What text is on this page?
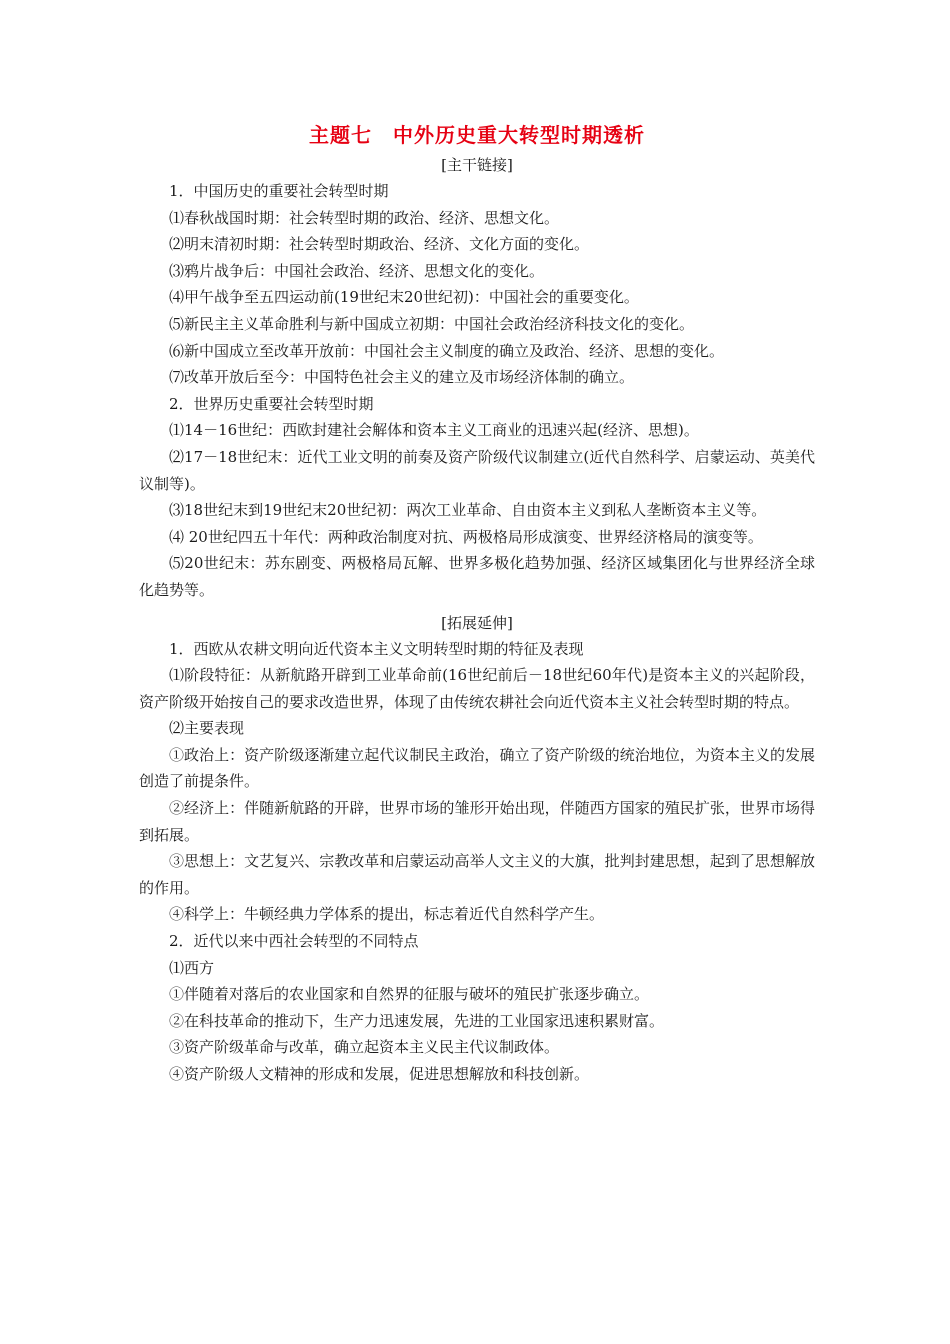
主题七　中外历史重大转型时期透析
[主干链接]

1．中国历史的重要社会转型时期

⑴春秋战国时期：社会转型时期的政治、经济、思想文化。

⑵明末清初时期：社会转型时期政治、经济、文化方面的变化。

⑶鸦片战争后：中国社会政治、经济、思想文化的变化。

⑷甲午战争至五四运动前(19世纪末20世纪初)：中国社会的重要变化。

⑸新民主主义革命胜利与新中国成立初期：中国社会政治经济科技文化的变化。

⑹新中国成立至改革开放前：中国社会主义制度的确立及政治、经济、思想的变化。

⑺改革开放后至今：中国特色社会主义的建立及市场经济体制的确立。

2．世界历史重要社会转型时期

⑴14－16世纪：西欧封建社会解体和资本主义工商业的迅速兴起(经济、思想)。

⑵17－18世纪末：近代工业文明的前奏及资产阶级代议制建立(近代自然科学、启蒙运动、英美代议制等)。

⑶18世纪末到19世纪末20世纪初：两次工业革命、自由资本主义到私人垄断资本主义等。

⑷ 20世纪四五十年代：两种政治制度对抗、两极格局形成演变、世界经济格局的演变等。

⑸20世纪末：苏东剧变、两极格局瓦解、世界多极化趋势加强、经济区域集团化与世界经济全球化趋势等。

[拓展延伸]

1．西欧从农耕文明向近代资本主义文明转型时期的特征及表现

⑴阶段特征：从新航路开辟到工业革命前(16世纪前后－18世纪60年代)是资本主义的兴起阶段，资产阶级开始按自己的要求改造世界，体现了由传统农耕社会向近代资本主义社会转型时期的特点。

⑵主要表现

①政治上：资产阶级逐渐建立起代议制民主政治，确立了资产阶级的统治地位，为资本主义的发展创造了前提条件。

②经济上：伴随新航路的开辟，世界市场的雏形开始出现，伴随西方国家的殖民扩张，世界市场得到拓展。

③思想上：文艺复兴、宗教改革和启蒙运动高举人文主义的大旗，批判封建思想，起到了思想解放的作用。

④科学上：牛顿经典力学体系的提出，标志着近代自然科学产生。

2．近代以来中西社会转型的不同特点

⑴西方

①伴随着对落后的农业国家和自然界的征服与破坏的殖民扩张逐步确立。

②在科技革命的推动下，生产力迅速发展，先进的工业国家迅速积累财富。

③资产阶级革命与改革，确立起资本主义民主代议制政体。

④资产阶级人文精神的形成和发展，促进思想解放和科技创新。
